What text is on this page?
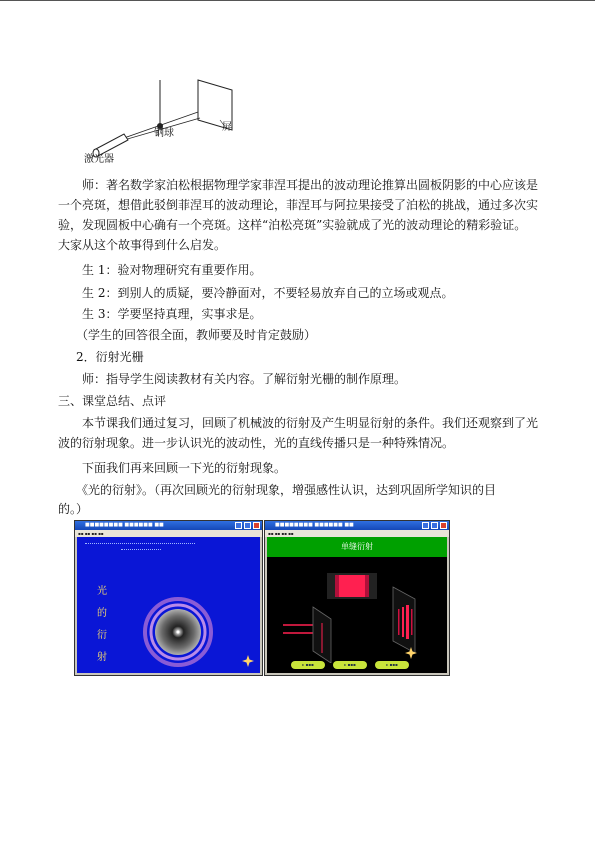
激光器
钢球
屏

师：著名数学家泊松根据物理学家菲涅耳提出的波动理论推算出圆板阴影的中心应该是一个亮斑，想借此驳倒菲涅耳的波动理论，菲涅耳与阿拉果接受了泊松的挑战，通过多次实验，发现圆板中心确有一个亮斑。这样“泊松亮斑”实验就成了光的波动理论的精彩验证。大家从这个故事得到什么启发。

生 1：验对物理研究有重要作用。

生 2：到别人的质疑，要冷静面对，不要轻易放弃自己的立场或观点。

生 3：学要坚持真理，实事求是。

（学生的回答很全面，教师要及时肯定鼓励）

2．衍射光栅

师：指导学生阅读教材有关内容。了解衍射光栅的制作原理。

三、课堂总结、点评

本节课我们通过复习，回顾了机械波的衍射及产生明显衍射的条件。我们还观察到了光波的衍射现象。进一步认识光的波动性，光的直线传播只是一种特殊情况。

下面我们再来回顾一下光的衍射现象。

《光的衍射》。（再次回顾光的衍射现象，增强感性认识，达到巩固所学知识的目

的。）

■■■■■■■■ ■■■■■■ ■■
▪▪ ▪▪ ▪▪ ▪▪
光
的
衍
射
■■■■■■■■ ■■■■■■ ■■
▪▪ ▪▪ ▪▪ ▪▪
单缝衍射
▸ ▪▪▪	▸ ▪▪▪	▸ ▪▪▪
